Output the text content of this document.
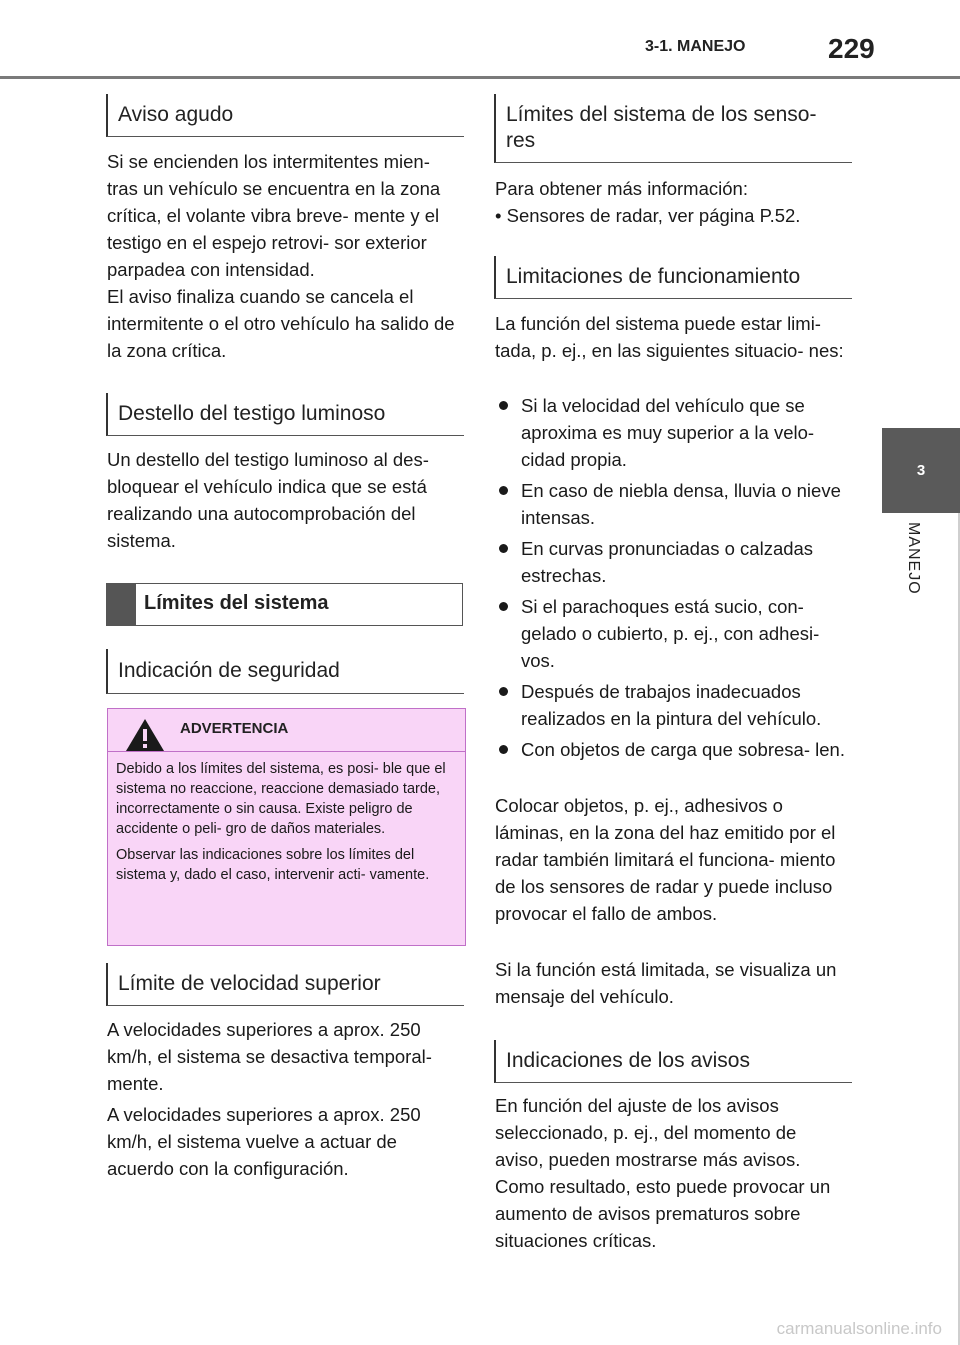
3-1. MANEJO	229
3
MANEJO
Aviso agudo

Si se encienden los intermitentes mien- tras un vehículo se encuentra en la zona crítica, el volante vibra breve- mente y el testigo en el espejo retrovi- sor exterior parpadea con intensidad.

El aviso finaliza cuando se cancela el intermitente o el otro vehículo ha salido de la zona crítica.

Destello del testigo luminoso

Un destello del testigo luminoso al des- bloquear el vehículo indica que se está realizando una autocomprobación del sistema.

Límites del sistema
Indicación de seguridad
ADVERTENCIA

Debido a los límites del sistema, es posi- ble que el sistema no reaccione, reaccione demasiado tarde, incorrectamente o sin causa. Existe peligro de accidente o peli- gro de daños materiales.

Observar las indicaciones sobre los límites del sistema y, dado el caso, intervenir acti- vamente.

Límite de velocidad superior

A velocidades superiores a aprox. 250 km/h, el sistema se desactiva temporal- mente.

A velocidades superiores a aprox. 250 km/h, el sistema vuelve a actuar de acuerdo con la configuración.

Límites del sistema de los senso- res

Para obtener más información:

• Sensores de radar, ver página P.52.

Limitaciones de funcionamiento

La función del sistema puede estar limi- tada, p. ej., en las siguientes situacio- nes:

Si la velocidad del vehículo que se aproxima es muy superior a la velo- cidad propia.
En caso de niebla densa, lluvia o nieve intensas.
En curvas pronunciadas o calzadas estrechas.
Si el parachoques está sucio, con- gelado o cubierto, p. ej., con adhesi- vos.
Después de trabajos inadecuados realizados en la pintura del vehículo.
Con objetos de carga que sobresa- len.

Colocar objetos, p. ej., adhesivos o láminas, en la zona del haz emitido por el radar también limitará el funciona- miento de los sensores de radar y puede incluso provocar el fallo de ambos.

Si la función está limitada, se visualiza un mensaje del vehículo.

Indicaciones de los avisos

En función del ajuste de los avisos seleccionado, p. ej., del momento de aviso, pueden mostrarse más avisos. Como resultado, esto puede provocar un aumento de avisos prematuros sobre situaciones críticas.

carmanualsonline.info
